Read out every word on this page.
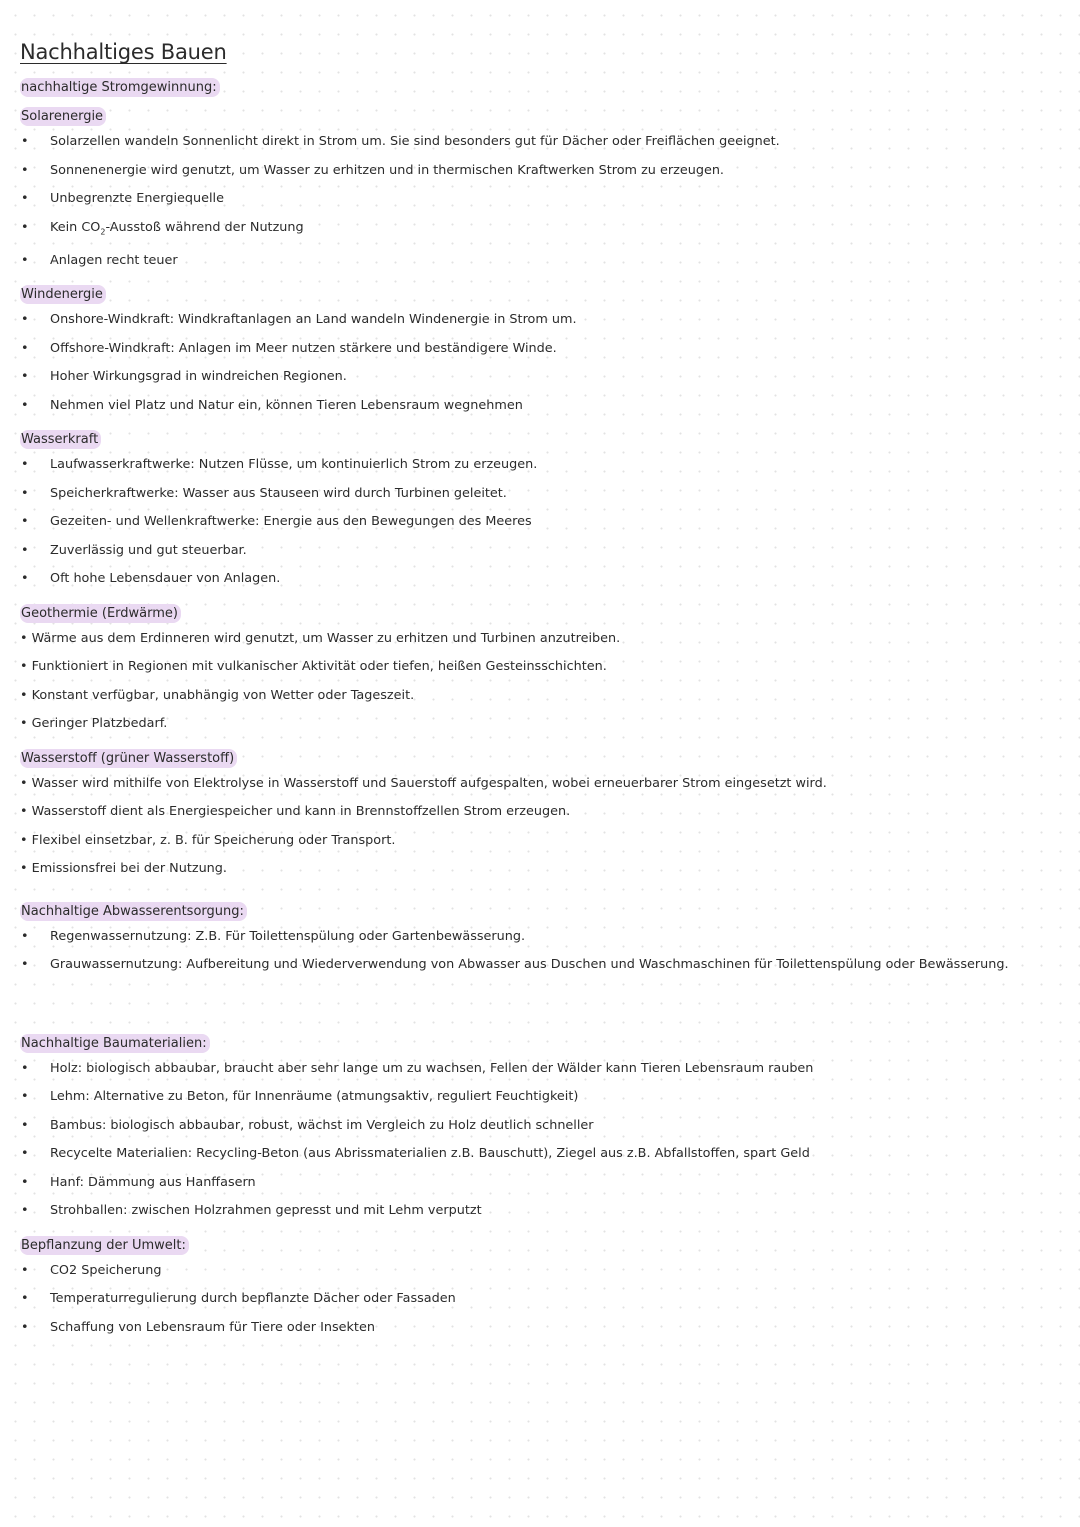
Nachhaltiges Bauen
nachhaltige Stromgewinnung:
Solarenergie
• Solarzellen wandeln Sonnenlicht direkt in Strom um. Sie sind besonders gut für Dächer oder Freiflächen geeignet.
• Sonnenenergie wird genutzt, um Wasser zu erhitzen und in thermischen Kraftwerken Strom zu erzeugen.
• Unbegrenzte Energiequelle
• Kein $CO_2$-Ausstoß während der Nutzung
• Anlagen recht teuer
Windenergie
• Onshore-Windkraft: Windkraftanlagen an Land wandeln Windenergie in Strom um.
• Offshore-Windkraft: Anlagen im Meer nutzen stärkere und beständigere Winde.
• Hoher Wirkungsgrad in windreichen Regionen.
• Nehmen viel Platz und Natur ein, können Tieren Lebensraum wegnehmen
Wasserkraft
• Laufwasserkraftwerke: Nutzen Flüsse, um kontinuierlich Strom zu erzeugen.
• Speicherkraftwerke: Wasser aus Stauseen wird durch Turbinen geleitet.
• Gezeiten- und Wellenkraftwerke: Energie aus den Bewegungen des Meeres
• Zuverlässig und gut steuerbar.
• Oft hohe Lebensdauer von Anlagen.
Geothermie (Erdwärme)
• Wärme aus dem Erdinneren wird genutzt, um Wasser zu erhitzen und Turbinen anzutreiben.
• Funktioniert in Regionen mit vulkanischer Aktivität oder tiefen, heißen Gesteinsschichten.
• Konstant verfügbar, unabhängig von Wetter oder Tageszeit.
• Geringer Platzbedarf.
Wasserstoff (grüner Wasserstoff)
• Wasser wird mithilfe von Elektrolyse in Wasserstoff und Sauerstoff aufgespalten, wobei erneuerbarer Strom eingesetzt wird.
• Wasserstoff dient als Energiespeicher und kann in Brennstoffzellen Strom erzeugen.
• Flexibel einsetzbar, z. B. für Speicherung oder Transport.
• Emissionsfrei bei der Nutzung.
Nachhaltige Abwasserentsorgung:
• Regenwassernutzung: Z.B. Für Toilettenspülung oder Gartenbewässerung.
• Grauwassernutzung: Aufbereitung und Wiederverwendung von Abwasser aus Duschen und Waschmaschinen für Toilettenspülung oder Bewässerung.
Nachhaltige Baumaterialien:
• Holz: biologisch abbaubar, braucht aber sehr lange um zu wachsen, Fellen der Wälder kann Tieren Lebensraum rauben
• Lehm: Alternative zu Beton, für Innenräume (atmungsaktiv, reguliert Feuchtigkeit)
• Bambus: biologisch abbaubar, robust, wächst im Vergleich zu Holz deutlich schneller
• Recycelte Materialien: Recycling-Beton (aus Abrissmaterialien z.B. Bauschutt), Ziegel aus z.B. Abfallstoffen, spart Geld
• Hanf: Dämmung aus Hanffasern
• Strohballen: zwischen Holzrahmen gepresst und mit Lehm verputzt
Bepflanzung der Umwelt:
• CO2 Speicherung
• Temperaturregulierung durch bepflanzte Dächer oder Fassaden
• Schaffung von Lebensraum für Tiere oder Insekten
